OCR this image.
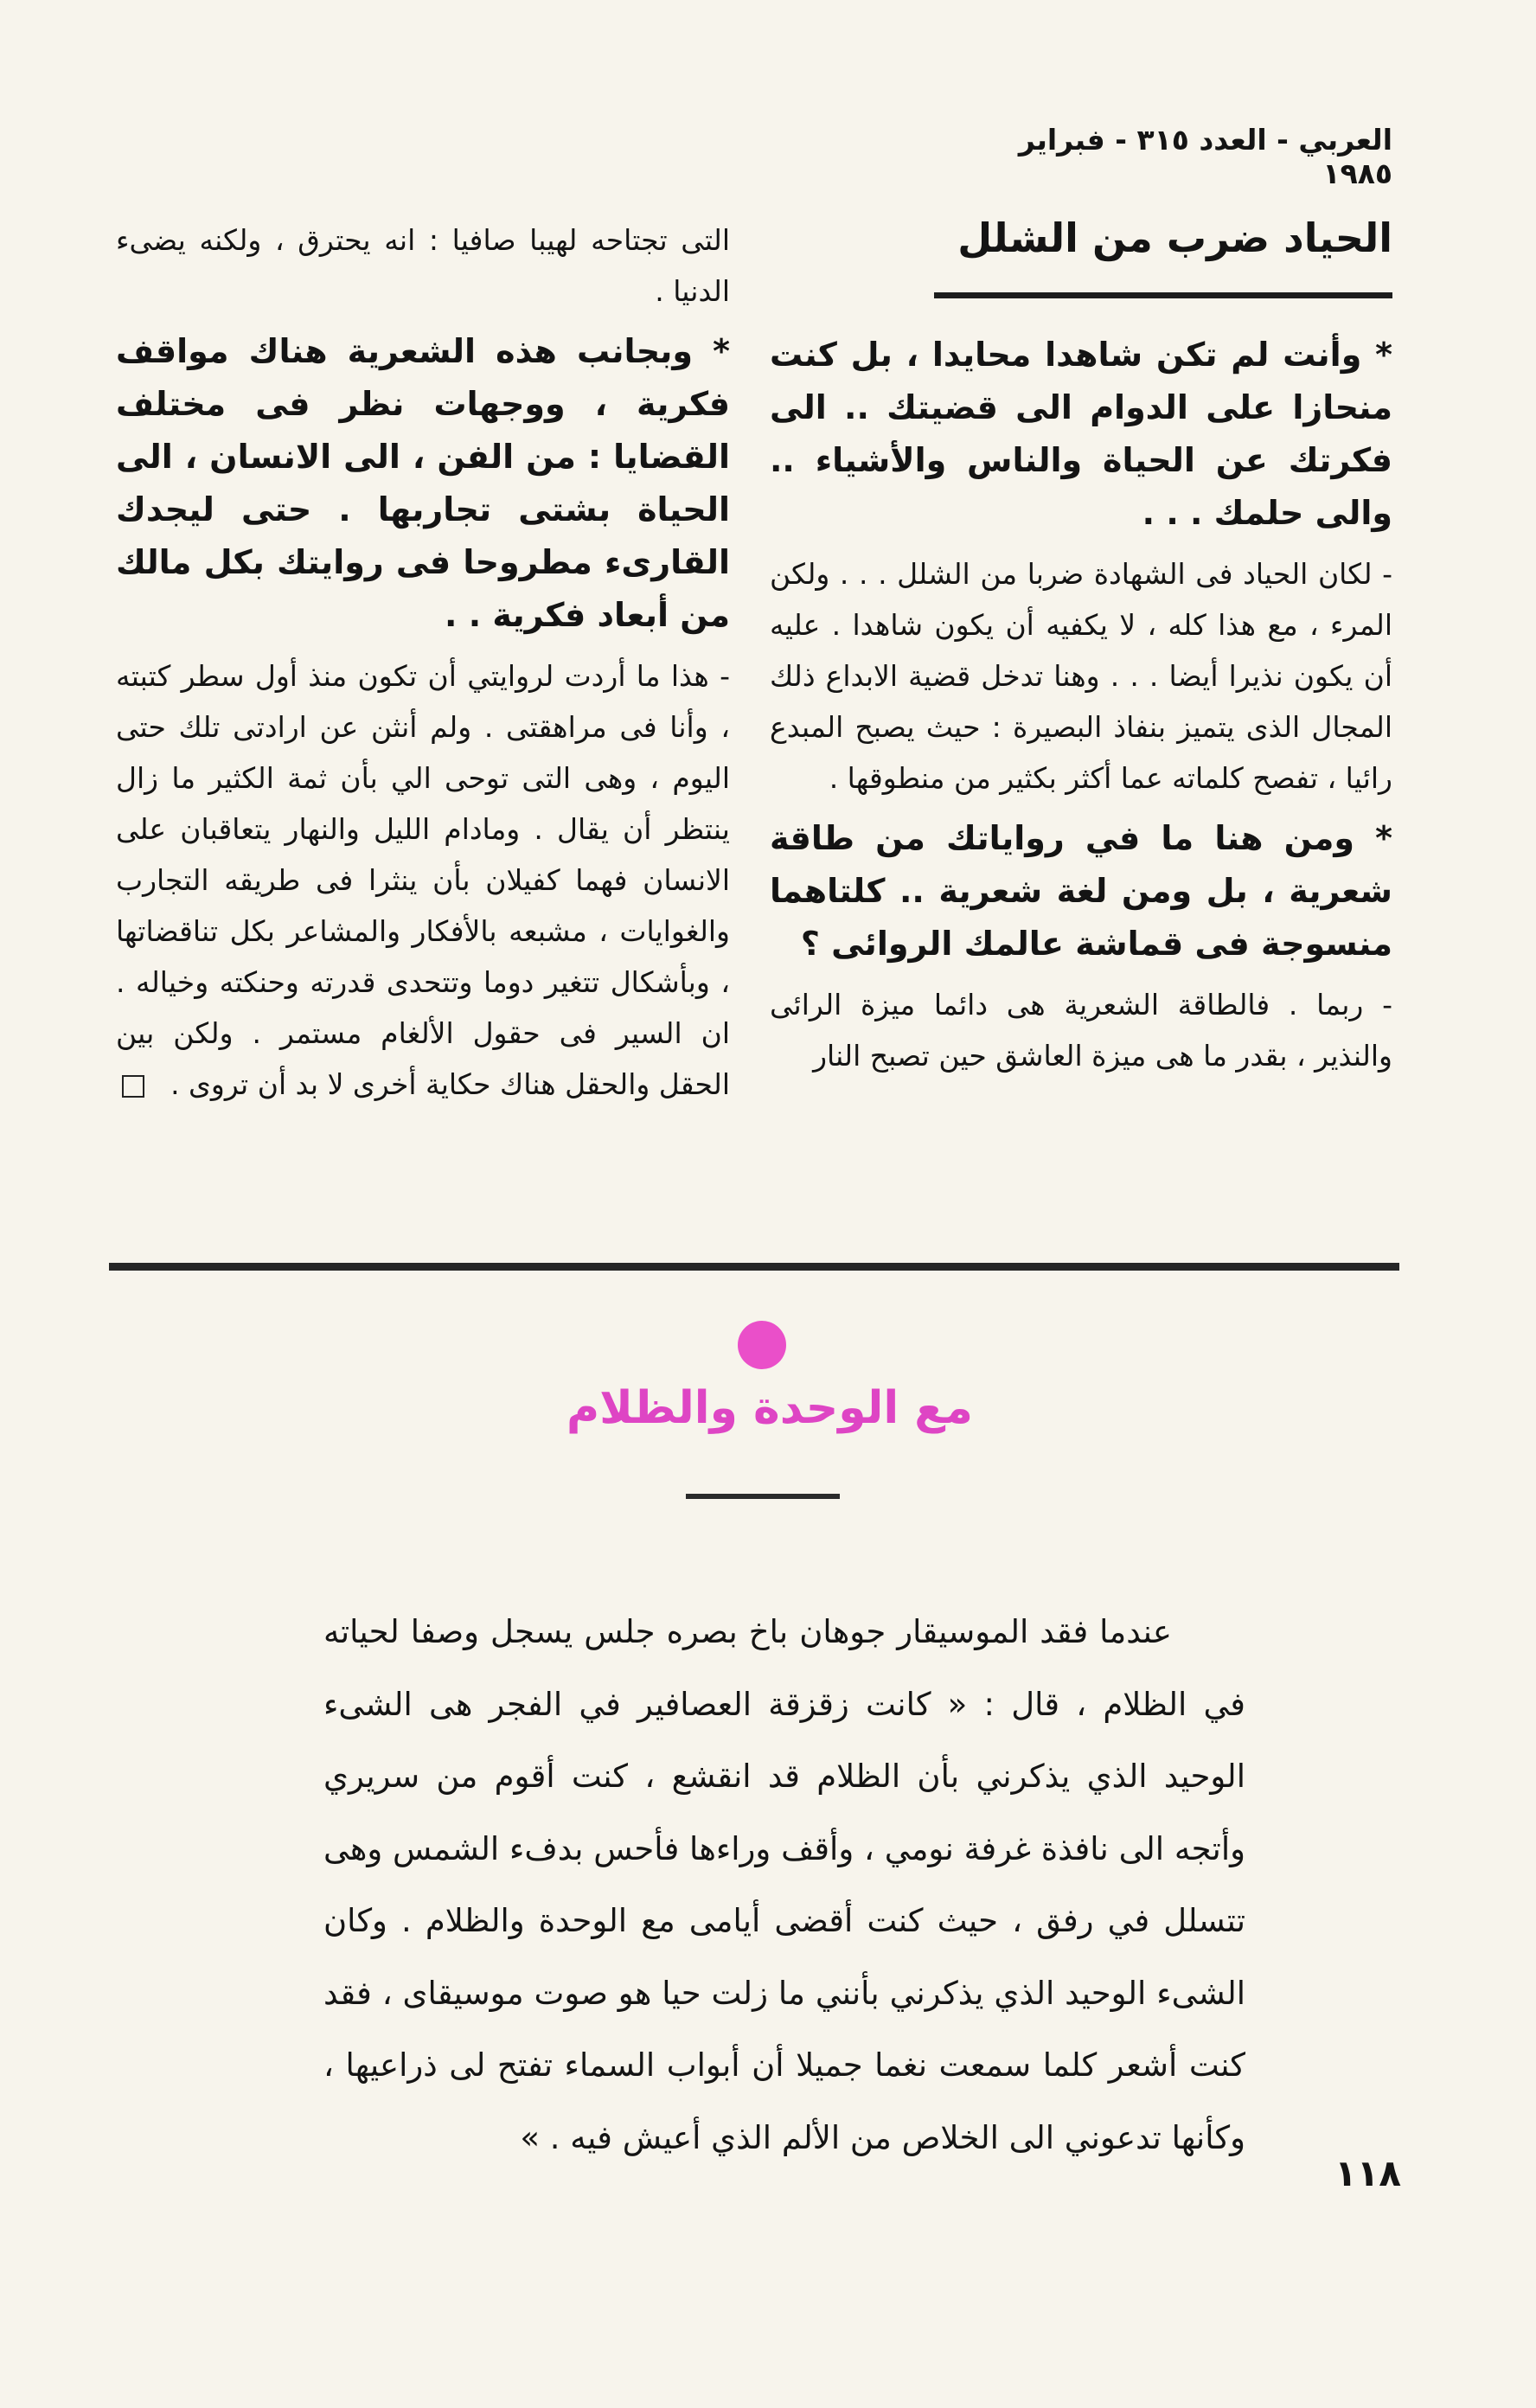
العربي - العدد ٣١٥ - فبراير ١٩٨٥
الحياد ضرب من الشلل

* وأنت لم تكن شاهدا محايدا ، بل كنت منحازا على الدوام الى قضيتك .. الى فكرتك عن الحياة والناس والأشياء .. والى حلمك . . .

- لكان الحياد فى الشهادة ضربا من الشلل . . . ولكن المرء ، مع هذا كله ، لا يكفيه أن يكون شاهدا . عليه أن يكون نذيرا أيضا . . . وهنا تدخل قضية الابداع ذلك المجال الذى يتميز بنفاذ البصيرة : حيث يصبح المبدع رائيا ، تفصح كلماته عما أكثر بكثير من منطوقها .

* ومن هنا ما في رواياتك من طاقة شعرية ، بل ومن لغة شعرية .. كلتاهما منسوجة فى قماشة عالمك الروائى ؟

- ربما . فالطاقة الشعرية هى دائما ميزة الرائى والنذير ، بقدر ما هى ميزة العاشق حين تصبح النار

التى تجتاحه لهيبا صافيا : انه يحترق ، ولكنه يضىء الدنيا .

* وبجانب هذه الشعرية هناك مواقف فكرية ، ووجهات نظر فى مختلف القضايا : من الفن ، الى الانسان ، الى الحياة بشتى تجاربها . حتى ليجدك القارىء مطروحا فى روايتك بكل مالك من أبعاد فكرية . .

- هذا ما أردت لروايتي أن تكون منذ أول سطر كتبته ، وأنا فى مراهقتى . ولم أنثن عن ارادتى تلك حتى اليوم ، وهى التى توحى الي بأن ثمة الكثير ما زال ينتظر أن يقال . ومادام الليل والنهار يتعاقبان على الانسان فهما كفيلان بأن ينثرا فى طريقه التجارب والغوايات ، مشبعه بالأفكار والمشاعر بكل تناقضاتها ، وبأشكال تتغير دوما وتتحدى قدرته وحنكته وخياله . ان السير فى حقول الألغام مستمر . ولكن بين الحقل والحقل هناك حكاية أخرى لا بد أن تروى .

مع الوحدة والظلام

عندما فقد الموسيقار جوهان باخ بصره جلس يسجل وصفا لحياته في الظلام ، قال : « كانت زقزقة العصافير في الفجر هى الشىء الوحيد الذي يذكرني بأن الظلام قد انقشع ، كنت أقوم من سريري وأتجه الى نافذة غرفة نومي ، وأقف وراءها فأحس بدفء الشمس وهى تتسلل في رفق ، حيث كنت أقضى أيامى مع الوحدة والظلام . وكان الشىء الوحيد الذي يذكرني بأنني ما زلت حيا هو صوت موسيقاى ، فقد كنت أشعر كلما سمعت نغما جميلا أن أبواب السماء تفتح لى ذراعيها ، وكأنها تدعوني الى الخلاص من الألم الذي أعيش فيه . »

١١٨
